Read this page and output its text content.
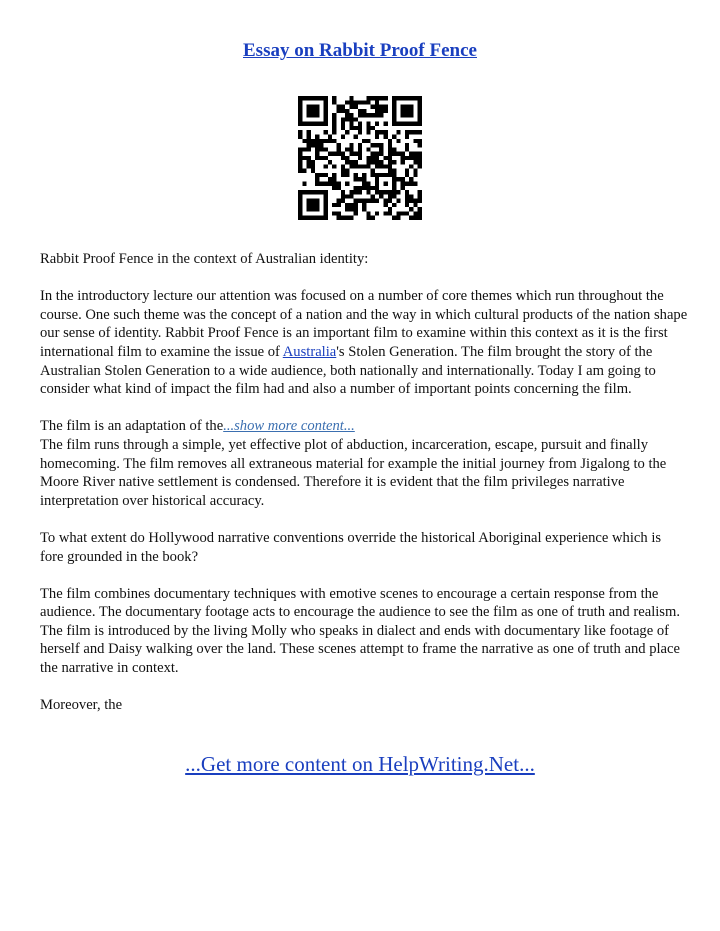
Essay on Rabbit Proof Fence

Rabbit Proof Fence in the context of Australian identity:

In the introductory lecture our attention was focused on a number of core themes which run throughout the course. One such theme was the concept of a nation and the way in which cultural products of the nation shape our sense of identity. Rabbit Proof Fence is an important film to examine within this context as it is the first international film to examine the issue of Australia's Stolen Generation. The film brought the story of the Australian Stolen Generation to a wide audience, both nationally and internationally. Today I am going to consider what kind of impact the film had and also a number of important points concerning the film.

The film is an adaptation of the...show more content...
The film runs through a simple, yet effective plot of abduction, incarceration, escape, pursuit and finally homecoming. The film removes all extraneous material for example the initial journey from Jigalong to the Moore River native settlement is condensed. Therefore it is evident that the film privileges narrative interpretation over historical accuracy.

To what extent do Hollywood narrative conventions override the historical Aboriginal experience which is fore grounded in the book?

The film combines documentary techniques with emotive scenes to encourage a certain response from the audience. The documentary footage acts to encourage the audience to see the film as one of truth and realism. The film is introduced by the living Molly who speaks in dialect and ends with documentary like footage of herself and Daisy walking over the land. These scenes attempt to frame the narrative as one of truth and place the narrative in context.

Moreover, the

...Get more content on HelpWriting.Net...
